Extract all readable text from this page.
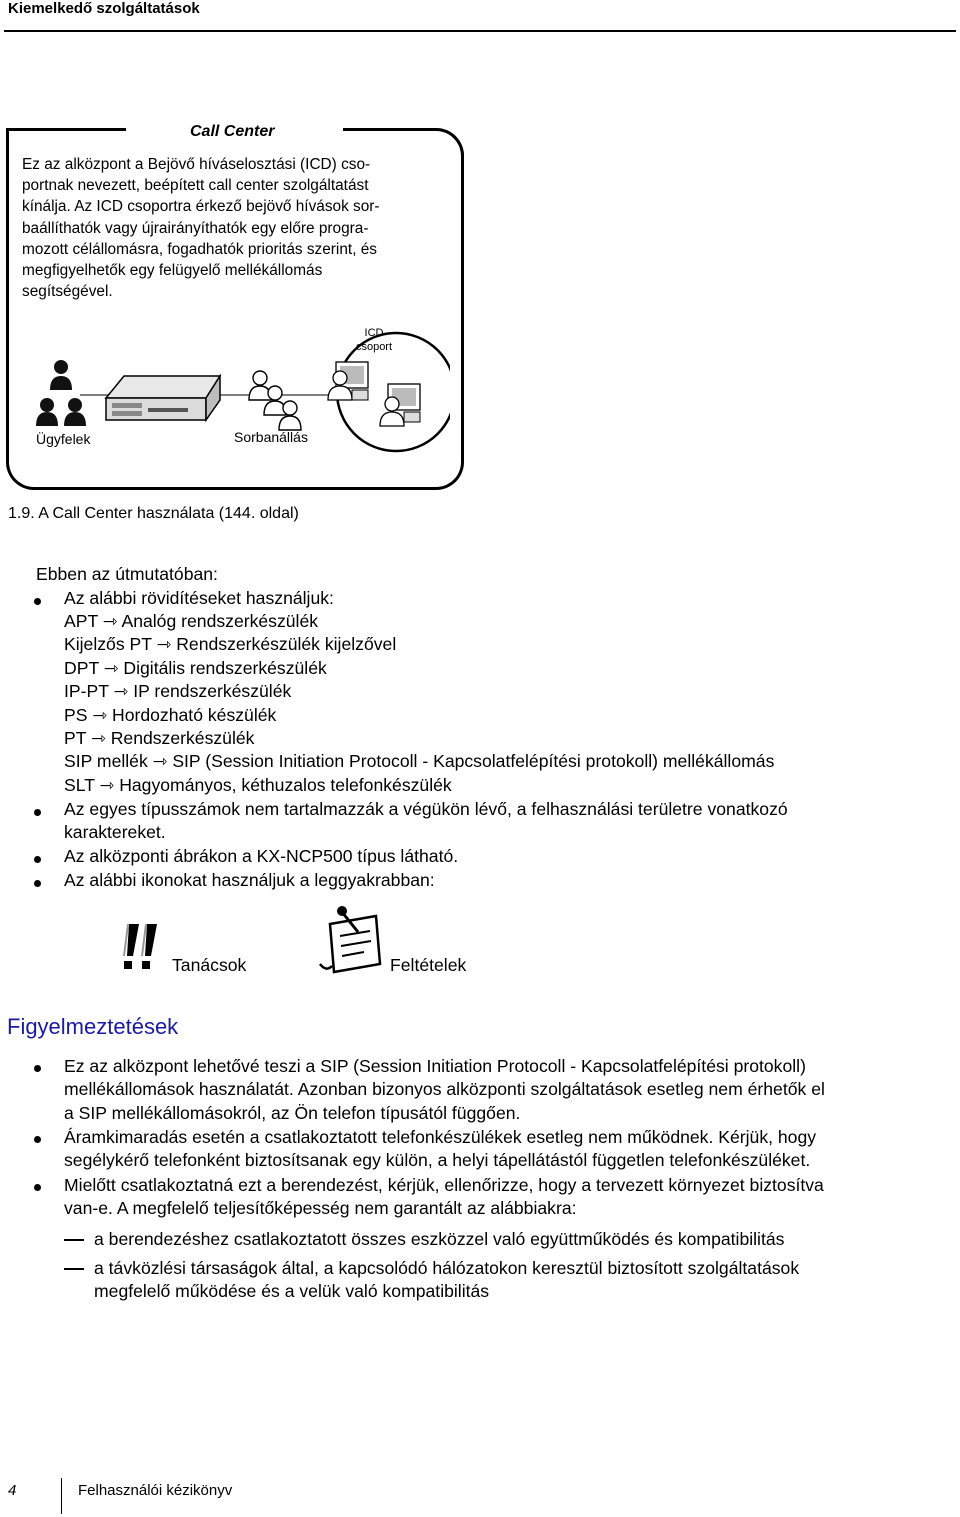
Kiemelkedő szolgáltatások
Call Center
Ez az alközpont a Bejövő híváselosztási (ICD) cso-
portnak nevezett, beépített call center szolgáltatást
kínálja. Az ICD csoportra érkező bejövő hívások sor-
baállíthatók vagy újrairányíthatók egy előre progra-
mozott célállomásra, fogadhatók prioritás szerint, és
megfigyelhetők egy felügyelő mellékállomás
segítségével.
ICD
csoport
Ügyfelek	Sorbanállás
1.9. A Call Center használata (144. oldal)
Ebben az útmutatóban:
Az alábbi rövidítéseket használjuk:
APT ⇾ Analóg rendszerkészülék
Kijelzős PT ⇾ Rendszerkészülék kijelzővel
DPT ⇾ Digitális rendszerkészülék
IP-PT ⇾ IP rendszerkészülék
PS ⇾ Hordozható készülék
PT ⇾ Rendszerkészülék
SIP mellék ⇾ SIP (Session Initiation Protocoll - Kapcsolatfelépítési protokoll) mellékállomás
SLT ⇾ Hagyományos, kéthuzalos telefonkészülék
Az egyes típusszámok nem tartalmazzák a végükön lévő, a felhasználási területre vonatkozó
karaktereket.
Az alközponti ábrákon a KX-NCP500 típus látható.
Az alábbi ikonokat használjuk a leggyakrabban:
Tanácsok	Feltételek
Figyelmeztetések
Ez az alközpont lehetővé teszi a SIP (Session Initiation Protocoll - Kapcsolatfelépítési protokoll)
mellékállomások használatát. Azonban bizonyos alközponti szolgáltatások esetleg nem érhetők el
a SIP mellékállomásokról, az Ön telefon típusától függően.
Áramkimaradás esetén a csatlakoztatott telefonkészülékek esetleg nem működnek. Kérjük, hogy
segélykérő telefonként biztosítsanak egy külön, a helyi tápellátástól független telefonkészüléket.
Mielőtt csatlakoztatná ezt a berendezést, kérjük, ellenőrizze, hogy a tervezett környezet biztosítva
van-e. A megfelelő teljesítőképesség nem garantált az alábbiakra:
a berendezéshez csatlakoztatott összes eszközzel való együttműködés és kompatibilitás
a távközlési társaságok által, a kapcsolódó hálózatokon keresztül biztosított szolgáltatások
megfelelő működése és a velük való kompatibilitás
4	Felhasználói kézikönyv
